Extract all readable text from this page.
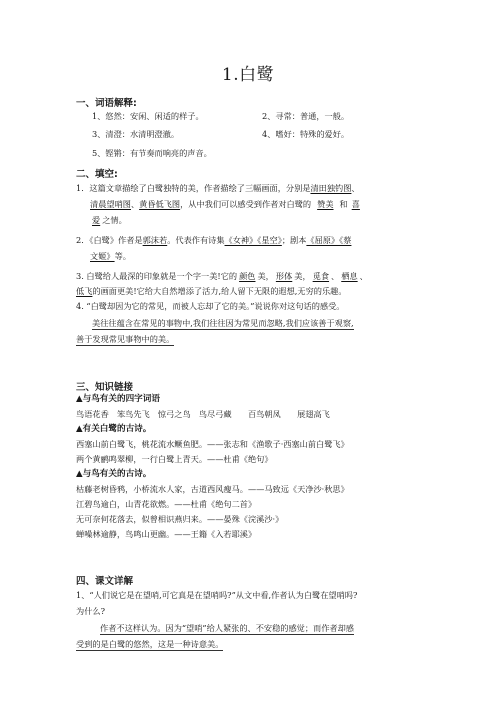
1.白鹭
一、词语解释:
1、悠然：安闲、闲适的样子。	2、寻常：普通，一般。
3、清澄：水清明澄澈。	4、嗜好：特殊的爱好。
5、铿锵：有节奏而响亮的声音。
二、填空:
1．这篇文章描绘了白鹭独特的美，作者描绘了三幅画面，分别是清田独钓图、
清晨望哨图、黄昏低飞图，从中我们可以感受到作者对白鹭的 赞美 和 喜
爱 之情。
2．《白鹭》作者是郭沫若。代表作有诗集《女神》《星空》；剧本《屈原》《蔡
文姬》等。
3. 白鹭给人最深的印象就是一个字一美!它的 颜色 美， 形体 美， 觅食 、 栖息 、
低飞的画面更美!它给大自然增添了活力,给人留下无限的遐想,无穷的乐趣。
4. “白鹭却因为它的常见，而被人忘却了它的美。”说说你对这句话的感受。
美往往蕴含在常见的事物中,我们往往因为常见而忽略,我们应该善于观察,
善于发现常见事物中的美。
三、知识链接
▲与鸟有关的四字词语
鸟语花香　笨鸟先飞　惊弓之鸟　鸟尽弓藏　　百鸟朝凤　　展翅高飞
▲有关白鹭的古诗。
西塞山前白鹭飞，桃花流水鳜鱼肥。——张志和《渔歌子·西塞山前白鹭飞》
两个黄鹂鸣翠柳，一行白鹭上青天。——杜甫《绝句》
▲与鸟有关的古诗。
枯藤老树昏鸦，小桥流水人家，古道西风瘦马。——马致远《天净沙·秋思》
江碧鸟逾白，山青花欲燃。——杜甫《绝句二首》
无可奈何花落去，似曾相识燕归来。——晏殊《浣溪沙·》
蝉噪林逾静，鸟鸣山更幽。——王籍《入若耶溪》
四、课文详解
1、“人们说它是在望哨,可它真是在望哨吗?”从文中看,作者认为白鹭在望哨吗?
为什么?
作者不这样认为。因为“望哨”给人紧张的、不安稳的感觉；而作者却感
受到的是白鹭的悠然，这是一种诗意美。
